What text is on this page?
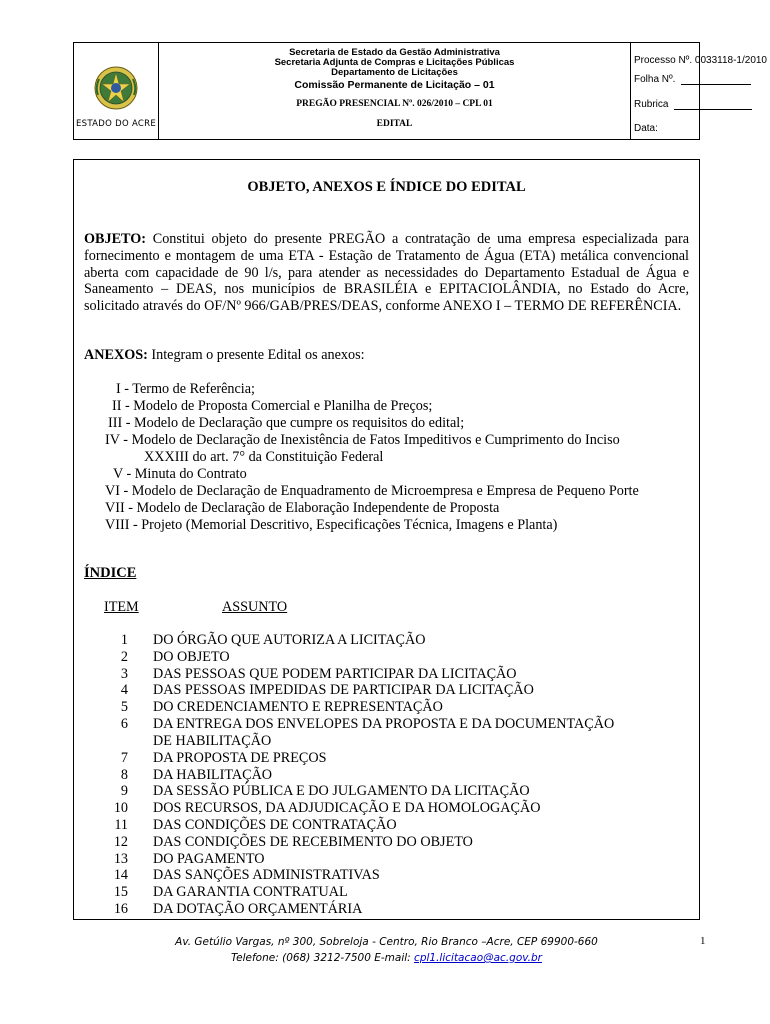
ESTADO DO ACRE
Secretaria de Estado da Gestão Administrativa
Secretaria Adjunta de Compras e Licitações Públicas
Departamento de Licitações
Comissão Permanente de Licitação – 01
PREGÃO PRESENCIAL Nº. 026/2010 – CPL 01
EDITAL
Processo Nº. 0033118-1/2010
Folha Nº.
Rubrica
Data:
OBJETO, ANEXOS E ÍNDICE DO EDITAL
OBJETO: Constitui objeto do presente PREGÃO a contratação de uma empresa especializada para fornecimento e montagem de uma ETA - Estação de Tratamento de Água (ETA) metálica convencional aberta com capacidade de 90 l/s, para atender as necessidades do Departamento Estadual de Água e Saneamento – DEAS, nos municípios de BRASILÉIA e EPITACIOLÂNDIA, no Estado do Acre, solicitado através do OF/Nº 966/GAB/PRES/DEAS, conforme ANEXO I – TERMO DE REFERÊNCIA.
ANEXOS: Integram o presente Edital os anexos:
I - Termo de Referência;
II - Modelo de Proposta Comercial e Planilha de Preços;
III - Modelo de Declaração que cumpre os requisitos do edital;
IV - Modelo de Declaração de Inexistência de Fatos Impeditivos e Cumprimento do Inciso
XXXIII do art. 7° da Constituição Federal
V - Minuta do Contrato
VI - Modelo de Declaração de Enquadramento de Microempresa e Empresa de Pequeno Porte
VII - Modelo de Declaração de Elaboração Independente de Proposta
VIII - Projeto (Memorial Descritivo, Especificações Técnica, Imagens e Planta)
ÍNDICE
ITEM	ASSUNTO
1 DO ÓRGÃO QUE AUTORIZA A LICITAÇÃO
2 DO OBJETO
3 DAS PESSOAS QUE PODEM PARTICIPAR DA LICITAÇÃO
4 DAS PESSOAS IMPEDIDAS DE PARTICIPAR DA LICITAÇÃO
5 DO CREDENCIAMENTO E REPRESENTAÇÃO
6 DA ENTREGA DOS ENVELOPES DA PROPOSTA E DA DOCUMENTAÇÃO
DE HABILITAÇÃO
7 DA PROPOSTA DE PREÇOS
8 DA HABILITAÇÃO
9 DA SESSÃO PÚBLICA E DO JULGAMENTO DA LICITAÇÃO
10 DOS RECURSOS, DA ADJUDICAÇÃO E DA HOMOLOGAÇÃO
11 DAS CONDIÇÕES DE CONTRATAÇÃO
12 DAS CONDIÇÕES DE RECEBIMENTO DO OBJETO
13 DO PAGAMENTO
14 DAS SANÇÕES ADMINISTRATIVAS
15 DA GARANTIA CONTRATUAL
16 DA DOTAÇÃO ORÇAMENTÁRIA
Av. Getúlio Vargas, nº 300, Sobreloja - Centro, Rio Branco –Acre, CEP 69900-660
Telefone: (068) 3212-7500 E-mail: cpl1.licitacao@ac.gov.br
1
